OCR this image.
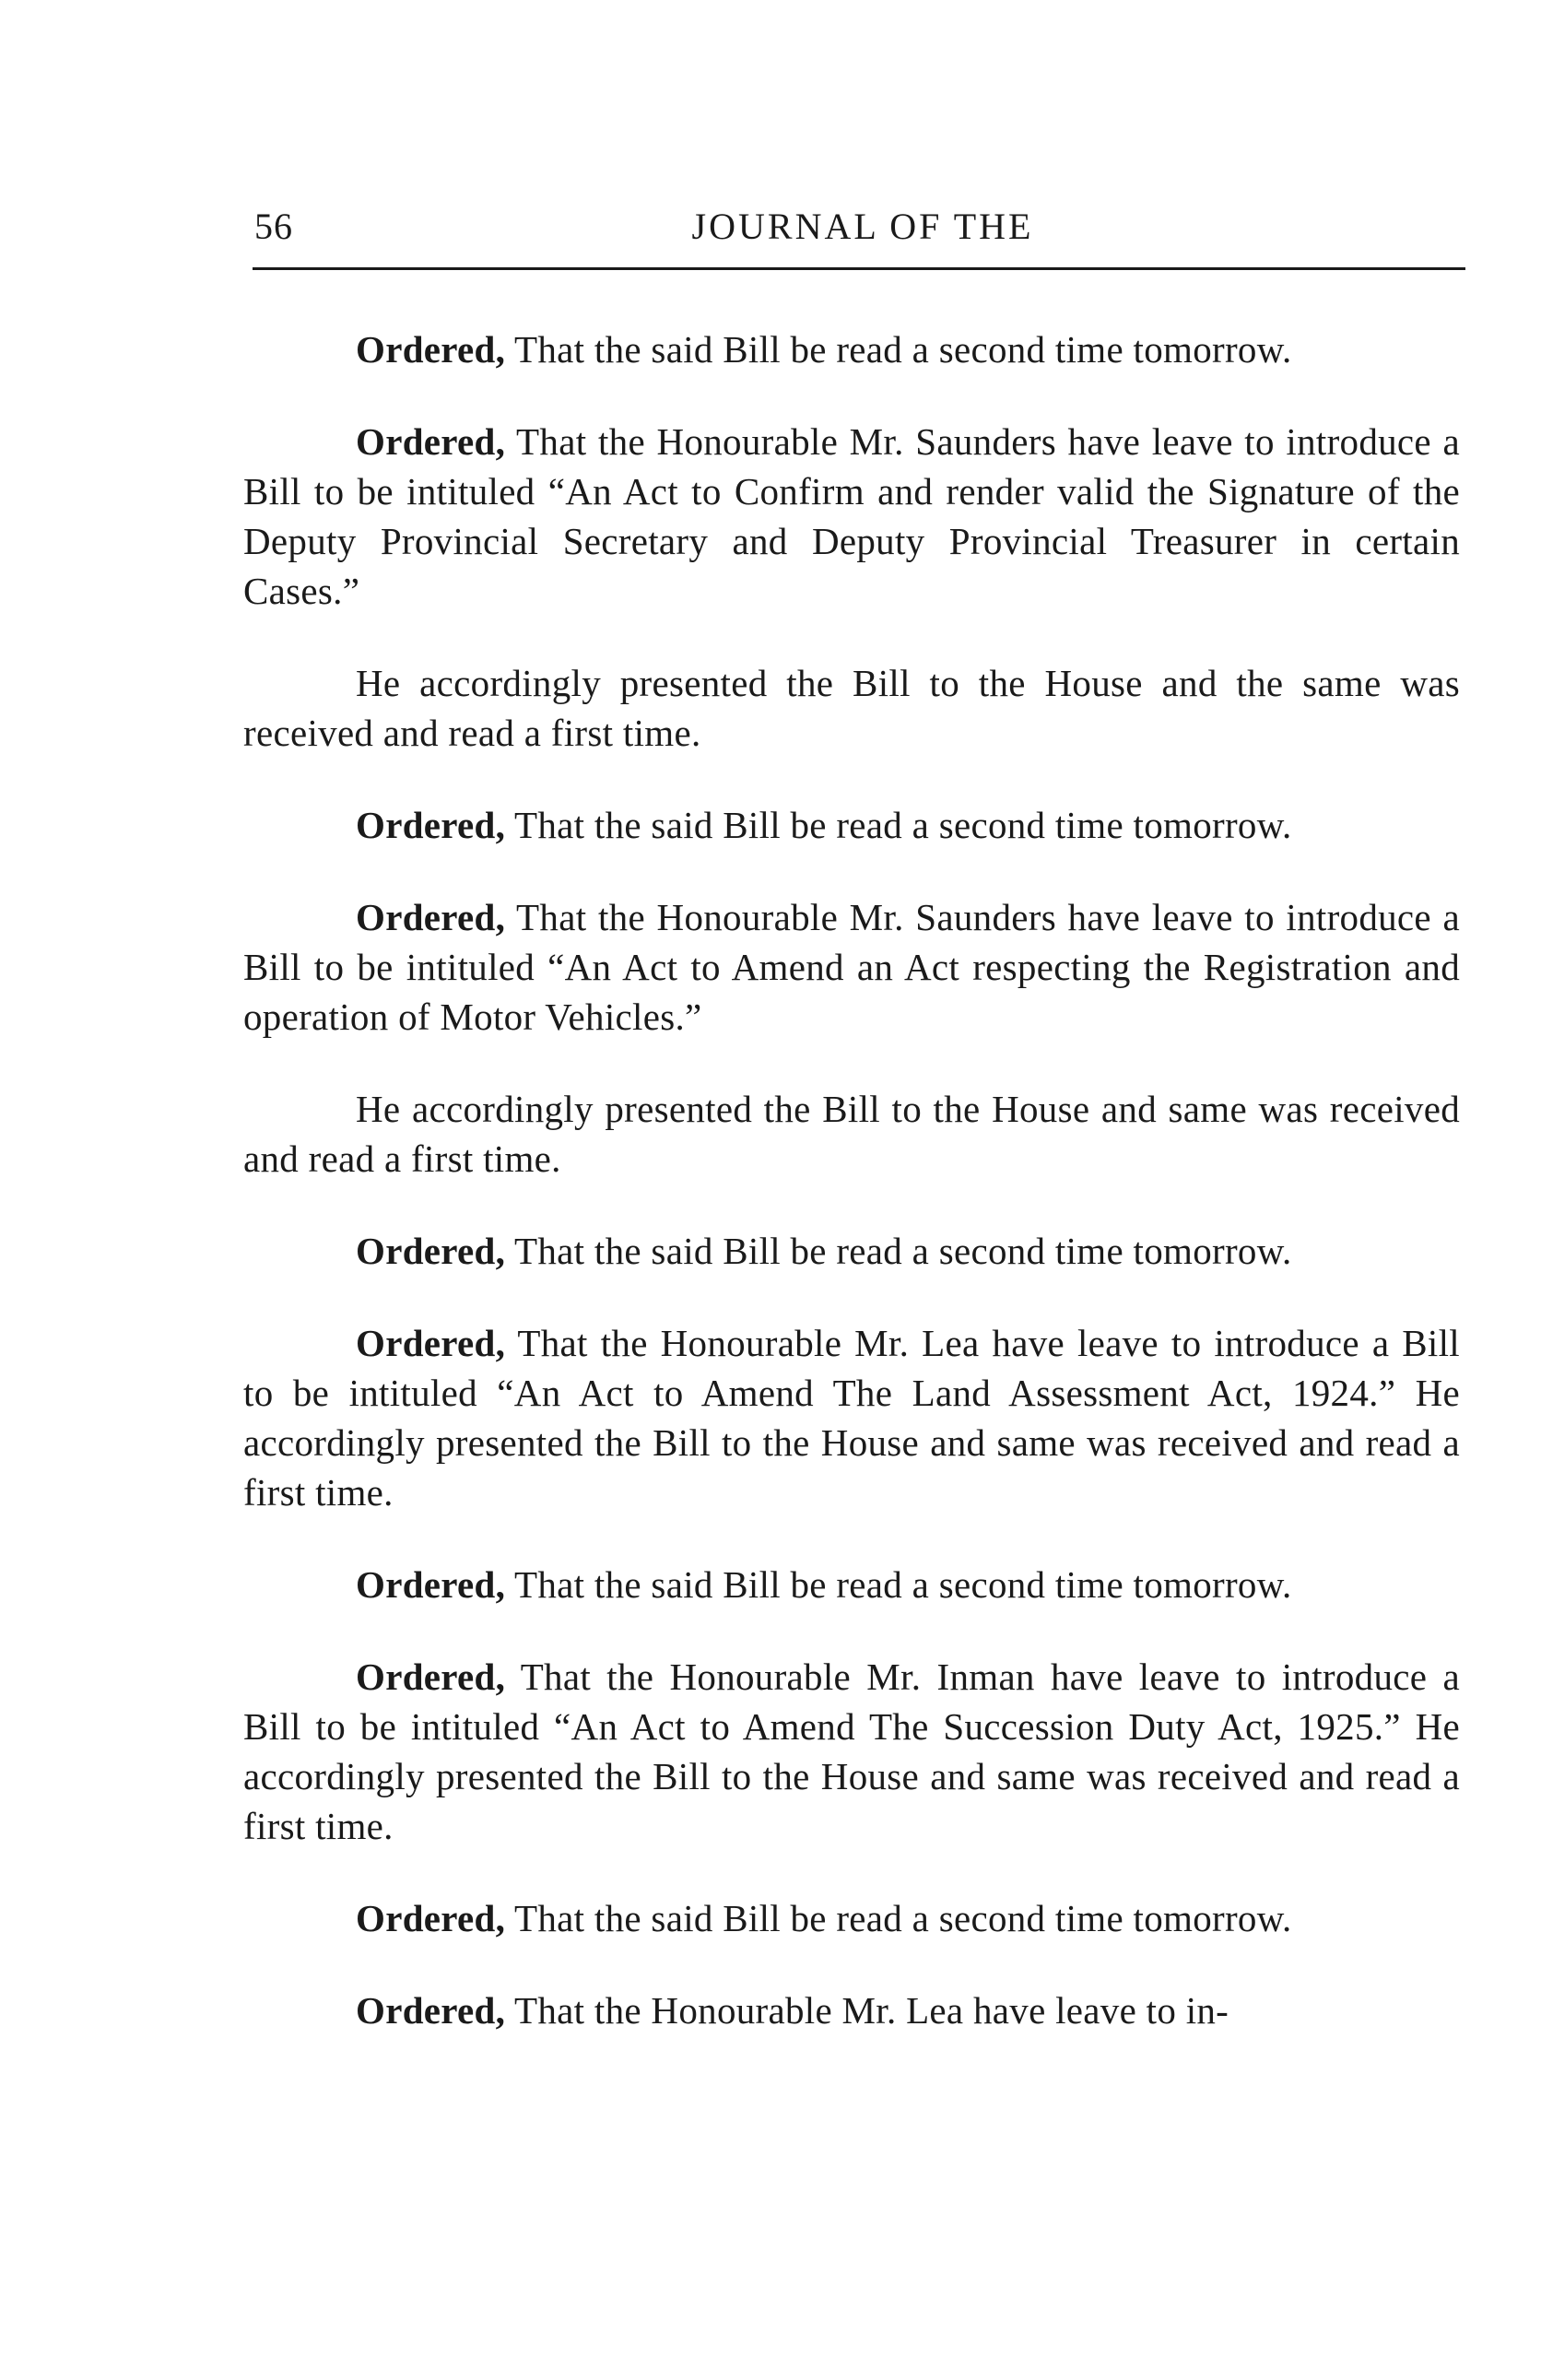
56	JOURNAL OF THE

Ordered, That the said Bill be read a second time tomorrow.

Ordered, That the Honourable Mr. Saunders have leave to introduce a Bill to be intituled “An Act to Confirm and render valid the Signature of the Deputy Provincial Secretary and Deputy Provincial Treasurer in certain Cases.”

He accordingly presented the Bill to the House and the same was received and read a first time.

Ordered, That the said Bill be read a second time tomorrow.

Ordered, That the Honourable Mr. Saunders have leave to introduce a Bill to be intituled “An Act to Amend an Act respecting the Registration and operation of Motor Vehicles.”

He accordingly presented the Bill to the House and same was received and read a first time.

Ordered, That the said Bill be read a second time tomorrow.

Ordered, That the Honourable Mr. Lea have leave to introduce a Bill to be intituled “An Act to Amend The Land Assessment Act, 1924.” He accordingly presented the Bill to the House and same was received and read a first time.

Ordered, That the said Bill be read a second time tomorrow.

Ordered, That the Honourable Mr. Inman have leave to introduce a Bill to be intituled “An Act to Amend The Succession Duty Act, 1925.” He accordingly presented the Bill to the House and same was received and read a first time.

Ordered, That the said Bill be read a second time tomorrow.

Ordered, That the Honourable Mr. Lea have leave to in-
